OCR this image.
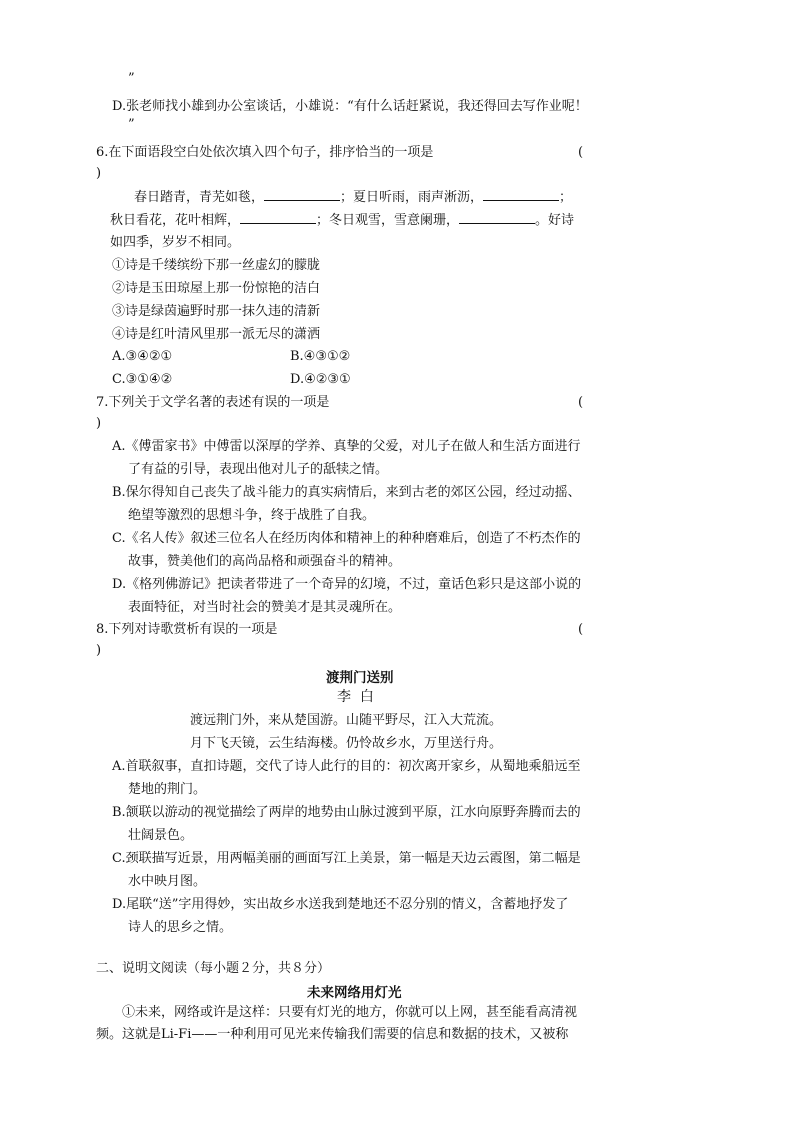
”
D.张老师找小雄到办公室谈话，小雄说：“有什么话赶紧说，我还得回去写作业呢！
”
6.在下面语段空白处依次填入四个句子，排序恰当的一项是	(
)
春日踏青，青芜如毯，	；夏日听雨，雨声淅沥，	；
秋日看花，花叶相辉，	；冬日观雪，雪意阑珊，	。好诗
如四季，岁岁不相同。
①诗是千缕缤纷下那一丝虚幻的朦胧
②诗是玉田琼屋上那一份惊艳的洁白
③诗是绿茵遍野时那一抹久违的清新
④诗是红叶清风里那一派无尽的潇洒
A.③④②①	B.④③①②
C.③①④②	D.④②③①
7.下列关于文学名著的表述有误的一项是	(
)
A.《傅雷家书》中傅雷以深厚的学养、真挚的父爱，对儿子在做人和生活方面进行
了有益的引导，表现出他对儿子的舐犊之情。
B.保尔得知自己丧失了战斗能力的真实病情后，来到古老的郊区公园，经过动摇、
绝望等激烈的思想斗争，终于战胜了自我。
C.《名人传》叙述三位名人在经历肉体和精神上的种种磨难后，创造了不朽杰作的
故事，赞美他们的高尚品格和顽强奋斗的精神。
D.《格列佛游记》把读者带进了一个奇异的幻境，不过，童话色彩只是这部小说的
表面特征，对当时社会的赞美才是其灵魂所在。
8.下列对诗歌赏析有误的一项是	(
)
渡荆门送别
李  白
渡远荆门外，来从楚国游。山随平野尽，江入大荒流。
月下飞天镜，云生结海楼。仍怜故乡水，万里送行舟。
A.首联叙事，直扣诗题，交代了诗人此行的目的：初次离开家乡，从蜀地乘船远至
楚地的荆门。
B.颔联以游动的视觉描绘了两岸的地势由山脉过渡到平原，江水向原野奔腾而去的
壮阔景色。
C.颈联描写近景，用两幅美丽的画面写江上美景，第一幅是天边云霞图，第二幅是
水中映月图。
D.尾联“送”字用得妙，实出故乡水送我到楚地还不忍分别的情义，含蓄地抒发了
诗人的思乡之情。
二、说明文阅读（每小题２分，共８分）
未来网络用灯光
①未来，网络或许是这样：只要有灯光的地方，你就可以上网，甚至能看高清视
频。这就是Li-Fi——一种利用可见光来传输我们需要的信息和数据的技术，又被称
